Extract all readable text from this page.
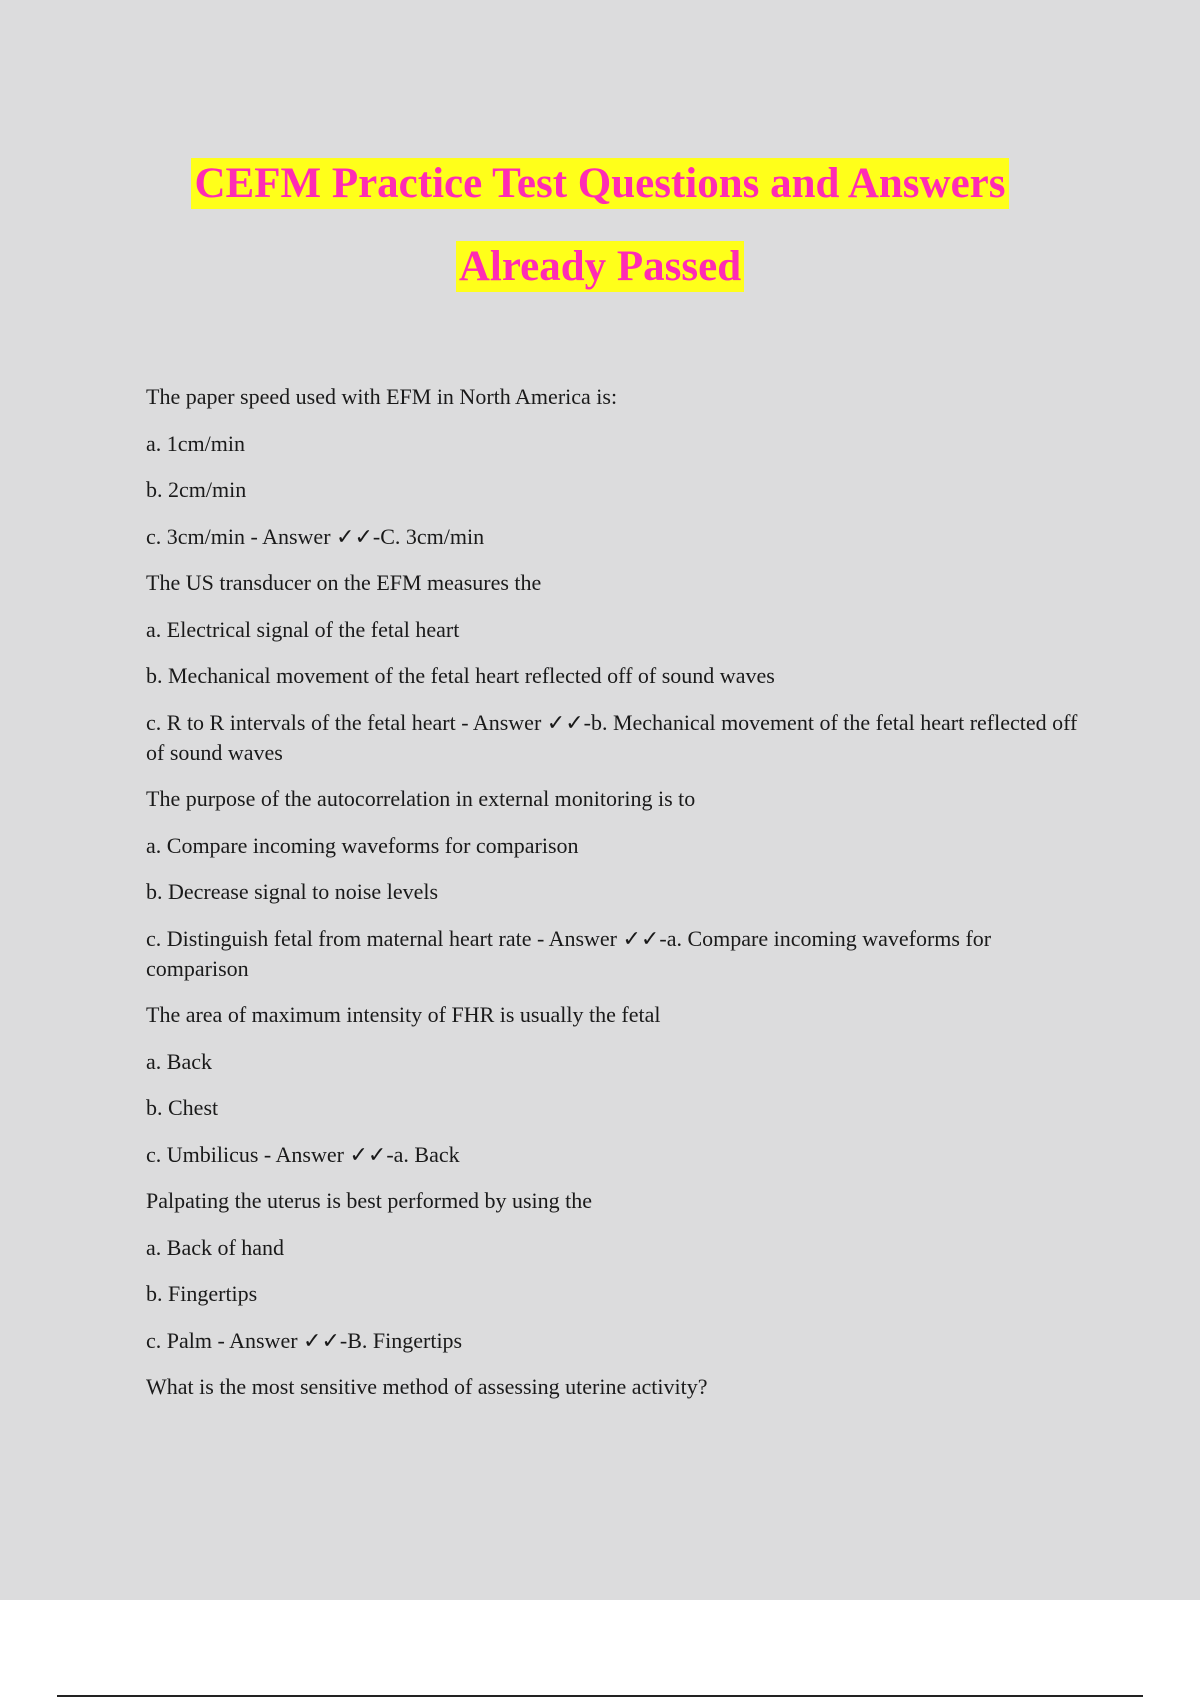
CEFM Practice Test Questions and Answers
Already Passed
The paper speed used with EFM in North America is:
a. 1cm/min
b. 2cm/min
c. 3cm/min - Answer ✓✓-C. 3cm/min
The US transducer on the EFM measures the
a. Electrical signal of the fetal heart
b. Mechanical movement of the fetal heart reflected off of sound waves
c. R to R intervals of the fetal heart - Answer ✓✓-b. Mechanical movement of the fetal heart reflected off of sound waves
The purpose of the autocorrelation in external monitoring is to
a. Compare incoming waveforms for comparison
b. Decrease signal to noise levels
c. Distinguish fetal from maternal heart rate - Answer ✓✓-a. Compare incoming waveforms for comparison
The area of maximum intensity of FHR is usually the fetal
a. Back
b. Chest
c. Umbilicus - Answer ✓✓-a. Back
Palpating the uterus is best performed by using the
a. Back of hand
b. Fingertips
c. Palm - Answer ✓✓-B. Fingertips
What is the most sensitive method of assessing uterine activity?
